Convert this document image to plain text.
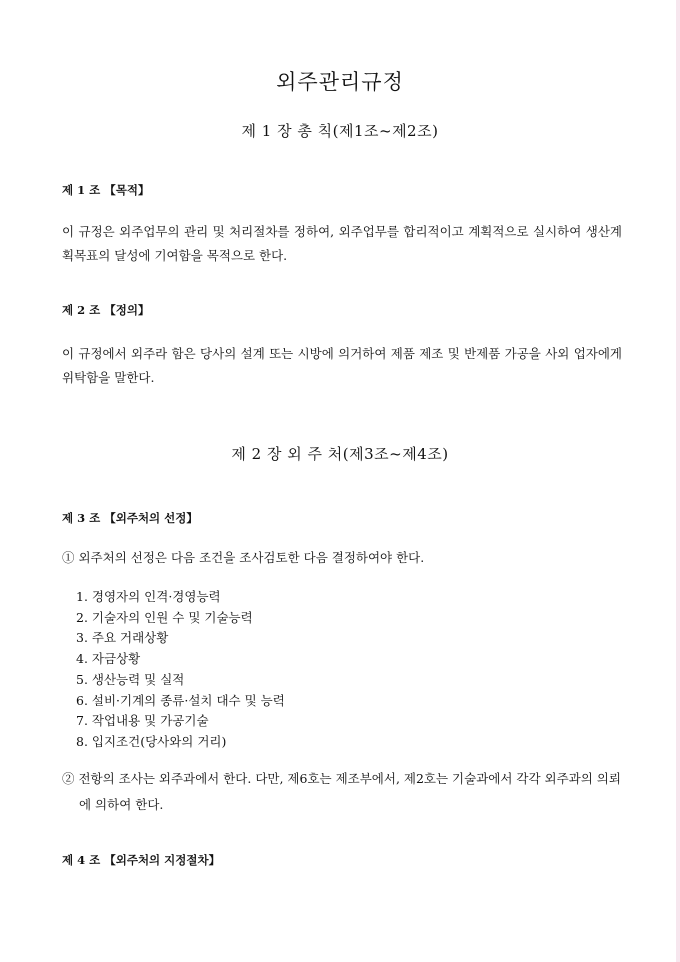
외주관리규정
제 1 장 총 칙(제1조~제2조)
제 1 조 【목적】
이 규정은 외주업무의 관리 및 처리절차를 정하여, 외주업무를 합리적이고 계획적으로 실시하여 생산계획목표의 달성에 기여함을 목적으로 한다.
제 2 조 【정의】
이 규정에서 외주라 함은 당사의 설계 또는 시방에 의거하여 제품 제조 및 반제품 가공을 사외 업자에게 위탁함을 말한다.
제 2 장 외 주 처(제3조~제4조)
제 3 조 【외주처의 선정】
① 외주처의 선정은 다음 조건을 조사검토한 다음 결정하여야 한다.
1. 경영자의 인격·경영능력
2. 기술자의 인원 수 및 기술능력
3. 주요 거래상황
4. 자금상황
5. 생산능력 및 실적
6. 설비·기계의 종류·설치 대수 및 능력
7. 작업내용 및 가공기술
8. 입지조건(당사와의 거리)
② 전항의 조사는 외주과에서 한다. 다만, 제6호는 제조부에서, 제2호는 기술과에서 각각 외주과의 의뢰에 의하여 한다.
제 4 조 【외주처의 지정절차】
